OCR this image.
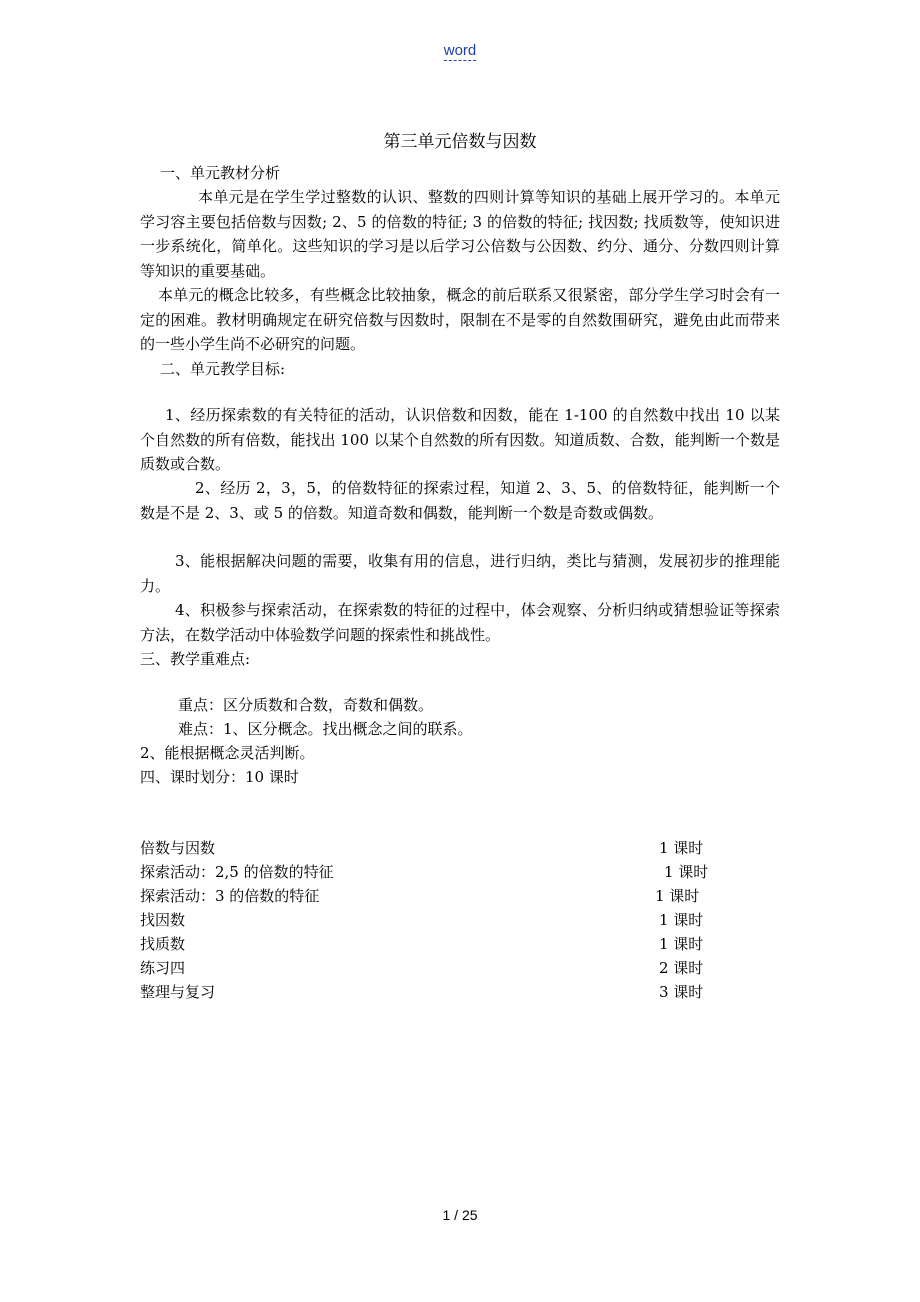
word
第三单元倍数与因数
一、单元教材分析

本单元是在学生学过整数的认识、整数的四则计算等知识的基础上展开学习的。本单元学习容主要包括倍数与因数; 2、5 的倍数的特征; 3 的倍数的特征; 找因数; 找质数等，使知识进一步系统化，简单化。这些知识的学习是以后学习公倍数与公因数、约分、通分、分数四则计算等知识的重要基础。

本单元的概念比较多，有些概念比较抽象，概念的前后联系又很紧密，部分学生学习时会有一定的困难。教材明确规定在研究倍数与因数时，限制在不是零的自然数围研究，避免由此而带来的一些小学生尚不必研究的问题。

二、单元教学目标:

1、经历探索数的有关特征的活动，认识倍数和因数，能在 1-100 的自然数中找出 10 以某个自然数的所有倍数，能找出 100 以某个自然数的所有因数。知道质数、合数，能判断一个数是质数或合数。

2、经历 2，3，5，的倍数特征的探索过程，知道 2、3、5、的倍数特征，能判断一个数是不是 2、3、或 5 的倍数。知道奇数和偶数，能判断一个数是奇数或偶数。

3、能根据解决问题的需要，收集有用的信息，进行归纳，类比与猜测，发展初步的推理能力。

4、积极参与探索活动，在探索数的特征的过程中，体会观察、分析归纳或猜想验证等探索方法，在数学活动中体验数学问题的探索性和挑战性。

三、教学重难点:
重点：区分质数和合数，奇数和偶数。
难点：1、区分概念。找出概念之间的联系。
2、能根据概念灵活判断。
四、课时划分：10 课时
倍数与因数	1 课时
探索活动：2,5 的倍数的特征	1 课时
探索活动：3 的倍数的特征	1 课时
找因数	1 课时
找质数	1 课时
练习四	2 课时
整理与复习	3 课时
1 / 25
